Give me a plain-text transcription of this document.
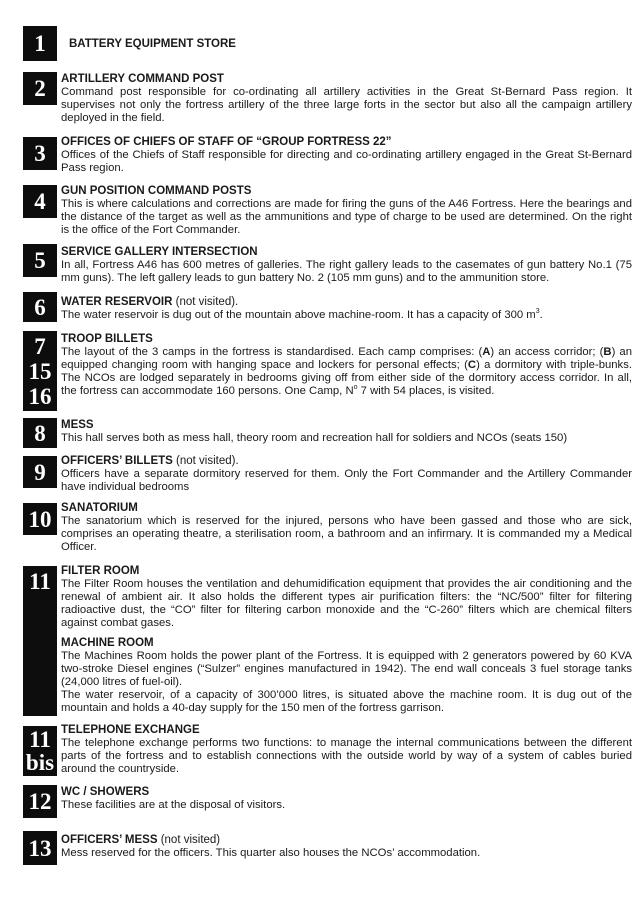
1	BATTERY EQUIPMENT STORE
2	ARTILLERY COMMAND POST
Command post responsible for co-ordinating all artillery activities in the Great St-Bernard Pass region. It supervises not only the fortress artillery of the three large forts in the sector but also all the campaign artillery deployed in the field.
3	OFFICES OF CHIEFS OF STAFF OF “GROUP FORTRESS 22”
Offices of the Chiefs of Staff responsible for directing and co-ordinating artillery engaged in the Great St-Bernard Pass region.
4	GUN POSITION COMMAND POSTS
This is where calculations and corrections are made for firing the guns of the A46 Fortress. Here the bearings and the distance of the target as well as the ammunitions and type of charge to be used are determined. On the right is the office of the Fort Commander.
5	SERVICE GALLERY INTERSECTION
In all, Fortress A46 has 600 metres of galleries. The right gallery leads to the casemates of gun battery No.1 (75 mm guns). The left gallery leads to gun battery No. 2 (105 mm guns) and to the ammunition store.
6	WATER RESERVOIR (not visited).
The water reservoir is dug out of the mountain above machine-room. It has a capacity of 300 $m^3$.
7
15
16
TROOP BILLETS
The layout of the 3 camps in the fortress is standardised. Each camp comprises: (A) an access corridor; (B) an equipped changing room with hanging space and lockers for personal effects; (C) a dormitory with triple-bunks. The NCOs are lodged separately in bedrooms giving off from either side of the dormitory access corridor. In all, the fortress can accommodate 160 persons. One Camp, $N^o$ 7 with 54 places, is visited.
8	MESS
This hall serves both as mess hall, theory room and recreation hall for soldiers and NCOs (seats 150)
9	OFFICERS’ BILLETS (not visited).
Officers have a separate dormitory reserved for them. Only the Fort Commander and the Artillery Commander have individual bedrooms
10 SANATORIUM
The sanatorium which is reserved for the injured, persons who have been gassed and those who are sick, comprises an operating theatre, a sterilisation room, a bathroom and an infirmary. It is commanded my a Medical Officer.
11 FILTER ROOM
The Filter Room houses the ventilation and dehumidification equipment that provides the air conditioning and the renewal of ambient air. It also holds the different types air purification filters: the “NC/500” filter for filtering radioactive dust, the “CO” filter for filtering carbon monoxide and the “C-260” filters which are chemical filters against combat gases.
MACHINE ROOM
The Machines Room holds the power plant of the Fortress. It is equipped with 2 generators powered by 60 KVA two-stroke Diesel engines (“Sulzer” engines manufactured in 1942). The end wall conceals 3 fuel storage tanks (24,000 litres of fuel-oil).
The water reservoir, of a capacity of 300’000 litres, is situated above the machine room. It is dug out of the mountain and holds a 40-day supply for the 150 men of the fortress garrison.
11
bis
TELEPHONE EXCHANGE
The telephone exchange performs two functions: to manage the internal communications between the different parts of the fortress and to establish connections with the outside world by way of a system of cables buried around the countryside.
12 WC / SHOWERS
These facilities are at the disposal of visitors.
13 OFFICERS’ MESS (not visited)
Mess reserved for the officers. This quarter also houses the NCOs’ accommodation.
